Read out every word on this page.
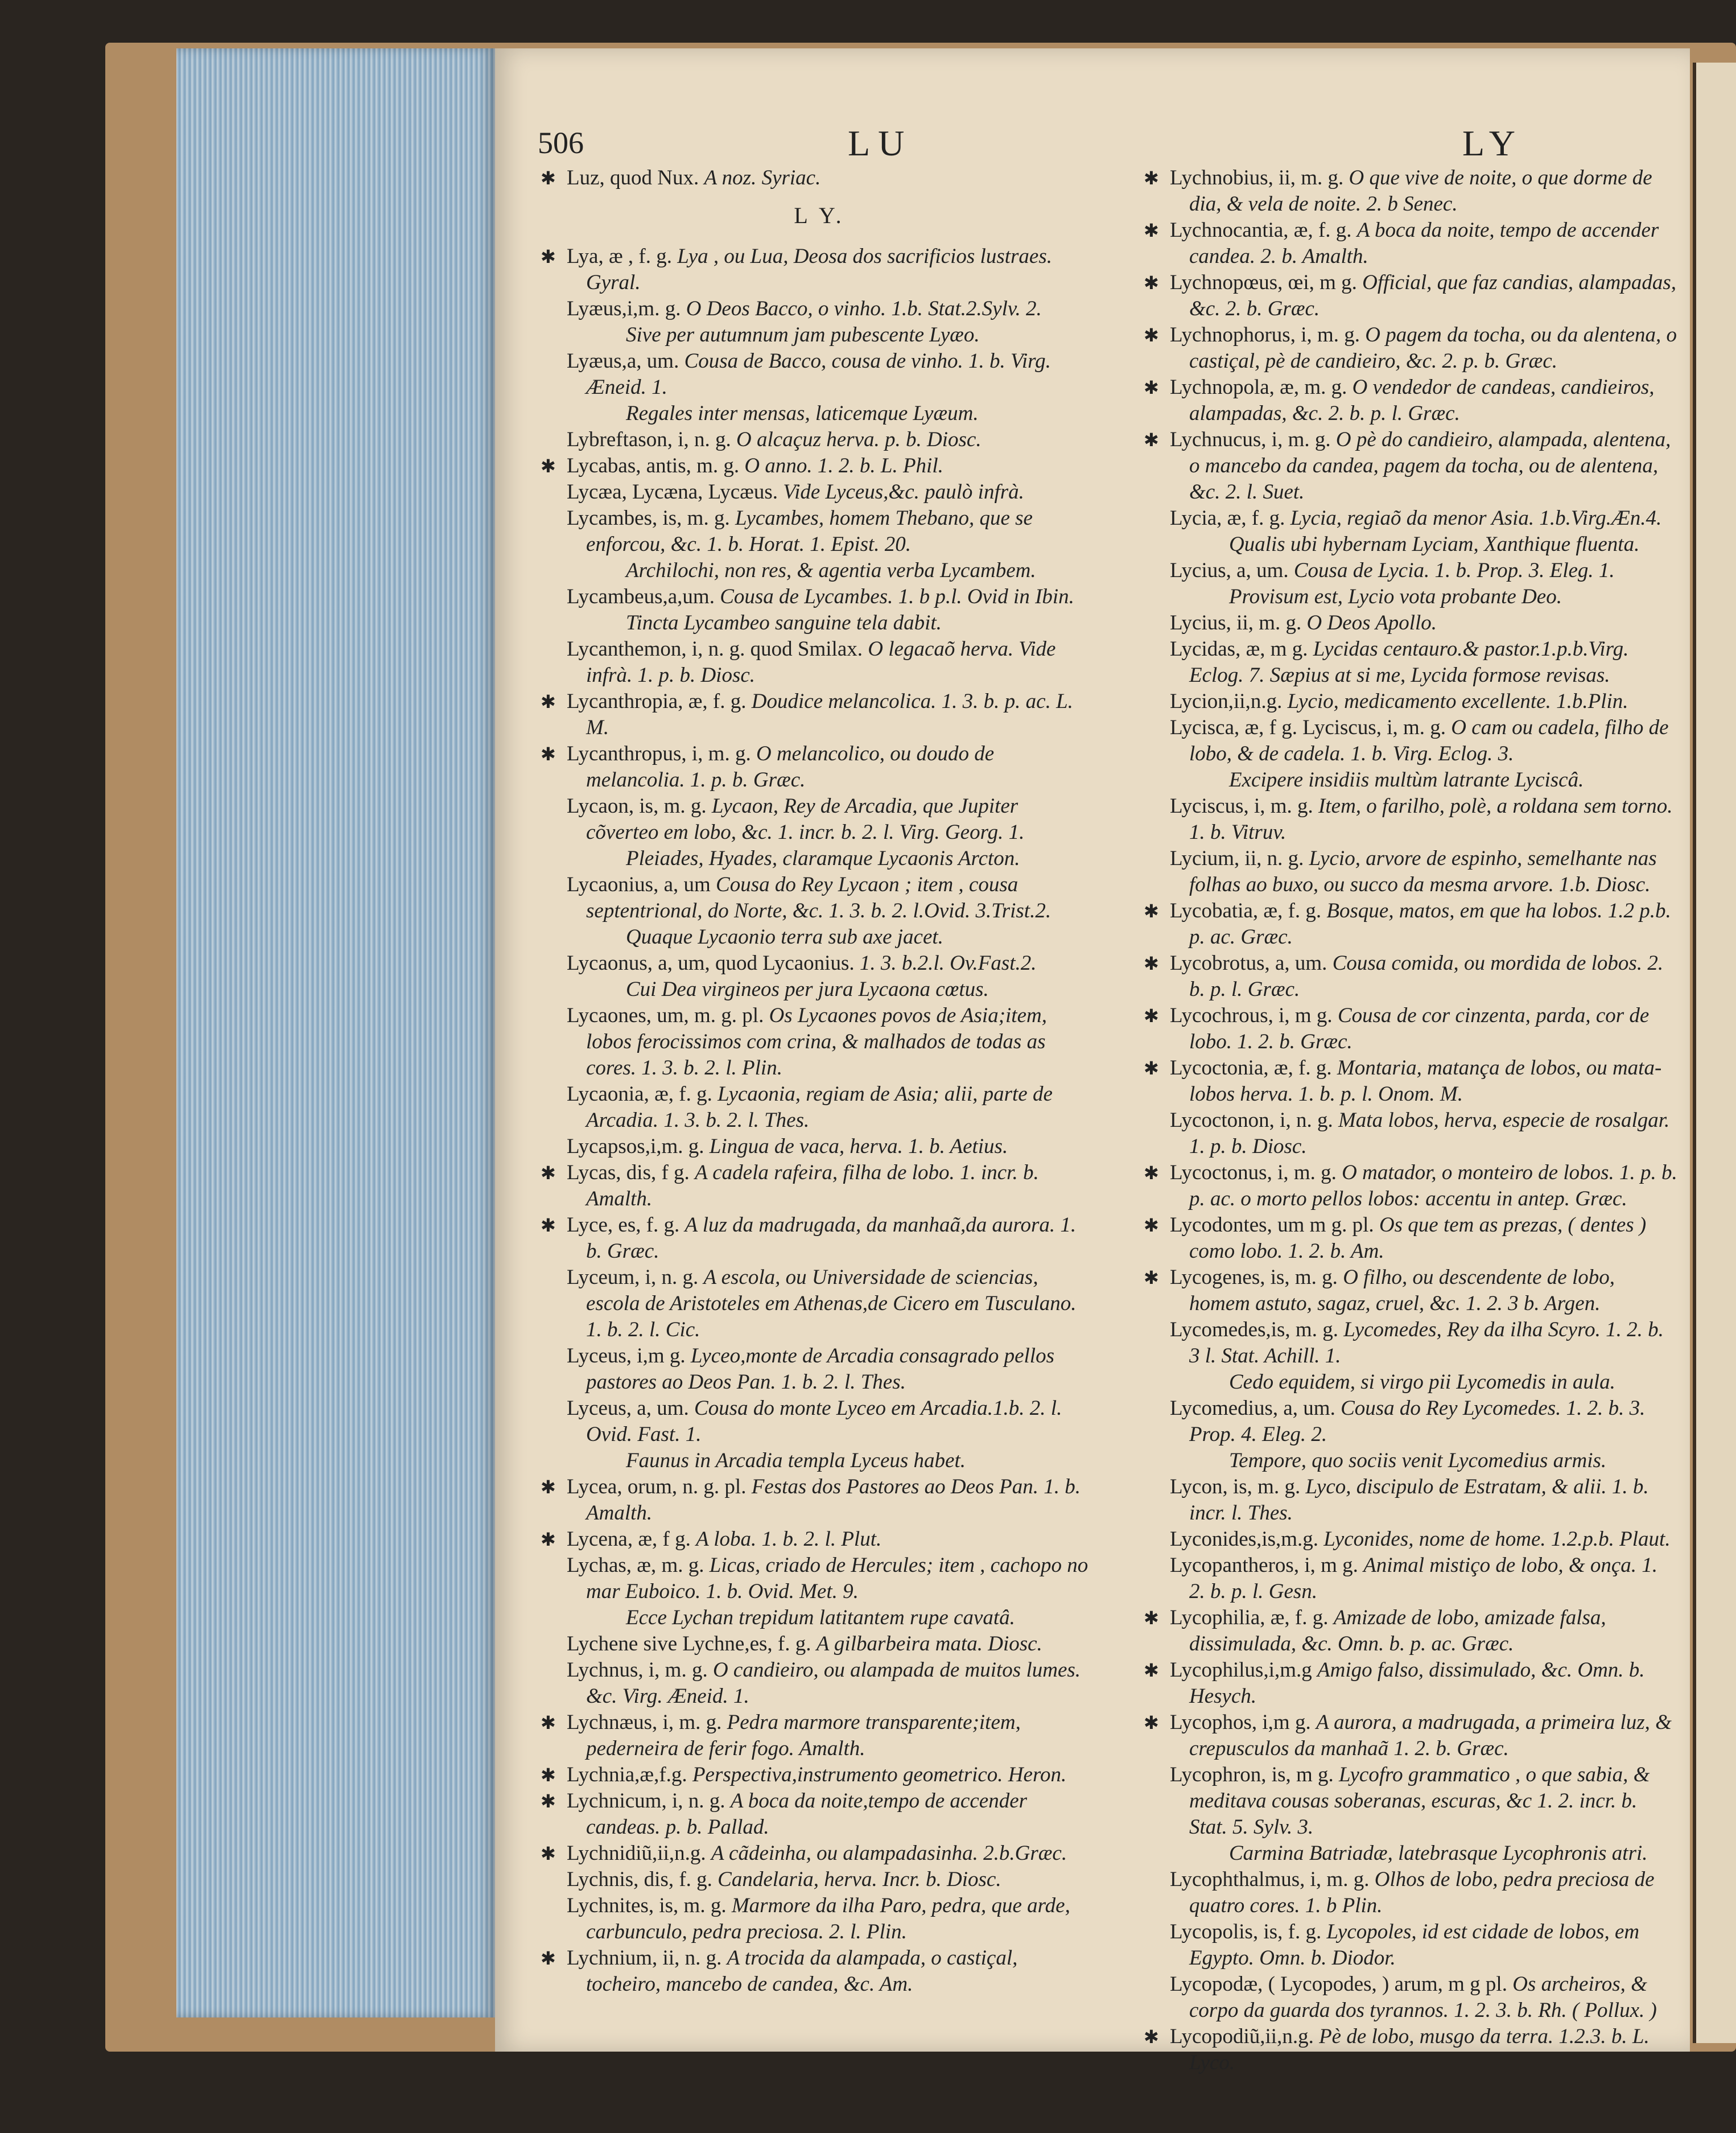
506	LU	LY

✱ Luz, quod Nux. A noz. Syriac.

L Y.

✱ Lya, æ , f. g. Lya , ou Lua, Deosa dos sacrificios lustraes. Gyral.

Lyæus,i,m. g. O Deos Bacco, o vinho. 1.b. Stat.2.Sylv. 2.

Sive per autumnum jam pubescente Lyæo.

Lyæus,a, um. Cousa de Bacco, cousa de vinho. 1. b. Virg. Æneid. 1.

Regales inter mensas, laticemque Lyæum.

Lybreftason, i, n. g. O alcaçuz herva. p. b. Diosc.

✱ Lycabas, antis, m. g. O anno. 1. 2. b. L. Phil.

Lycæa, Lycæna, Lycæus. Vide Lyceus,&c. paulò infrà.

Lycambes, is, m. g. Lycambes, homem Thebano, que se enforcou, &c. 1. b. Horat. 1. Epist. 20.

Archilochi, non res, & agentia verba Lycambem.

Lycambeus,a,um. Cousa de Lycambes. 1. b p.l. Ovid in Ibin.

Tincta Lycambeo sanguine tela dabit.

Lycanthemon, i, n. g. quod Smilax. O legacaõ herva. Vide infrà. 1. p. b. Diosc.

✱ Lycanthropia, æ, f. g. Doudice melancolica. 1. 3. b. p. ac. L. M.

✱ Lycanthropus, i, m. g. O melancolico, ou doudo de melancolia. 1. p. b. Græc.

Lycaon, is, m. g. Lycaon, Rey de Arcadia, que Jupiter cõverteo em lobo, &c. 1. incr. b. 2. l. Virg. Georg. 1.

Pleiades, Hyades, claramque Lycaonis Arcton.

Lycaonius, a, um Cousa do Rey Lycaon ; item , cousa septentrional, do Norte, &c. 1. 3. b. 2. l.Ovid. 3.Trist.2.

Quaque Lycaonio terra sub axe jacet.

Lycaonus, a, um, quod Lycaonius. 1. 3. b.2.l. Ov.Fast.2.

Cui Dea virgineos per jura Lycaona cœtus.

Lycaones, um, m. g. pl. Os Lycaones povos de Asia;item, lobos ferocissimos com crina, & malhados de todas as cores. 1. 3. b. 2. l. Plin.

Lycaonia, æ, f. g. Lycaonia, regiam de Asia; alii, parte de Arcadia. 1. 3. b. 2. l. Thes.

Lycapsos,i,m. g. Lingua de vaca, herva. 1. b. Aetius.

✱ Lycas, dis, f g. A cadela rafeira, filha de lobo. 1. incr. b. Amalth.

✱ Lyce, es, f. g. A luz da madrugada, da manhaã,da aurora. 1. b. Græc.

Lyceum, i, n. g. A escola, ou Universidade de sciencias, escola de Aristoteles em Athenas,de Cicero em Tusculano. 1. b. 2. l. Cic.

Lyceus, i,m g. Lyceo,monte de Arcadia consagrado pellos pastores ao Deos Pan. 1. b. 2. l. Thes.

Lyceus, a, um. Cousa do monte Lyceo em Arcadia.1.b. 2. l. Ovid. Fast. 1.

Faunus in Arcadia templa Lyceus habet.

✱ Lycea, orum, n. g. pl. Festas dos Pastores ao Deos Pan. 1. b. Amalth.

✱ Lycena, æ, f g. A loba. 1. b. 2. l. Plut.

Lychas, æ, m. g. Licas, criado de Hercules; item , cachopo no mar Euboico. 1. b. Ovid. Met. 9.

Ecce Lychan trepidum latitantem rupe cavatâ.

Lychene sive Lychne,es, f. g. A gilbarbeira mata. Diosc.

Lychnus, i, m. g. O candieiro, ou alampada de muitos lumes. &c. Virg. Æneid. 1.

✱ Lychnæus, i, m. g. Pedra marmore transparente;item, pederneira de ferir fogo. Amalth.

✱ Lychnia,æ,f.g. Perspectiva,instrumento geometrico. Heron.

✱ Lychnicum, i, n. g. A boca da noite,tempo de accender candeas. p. b. Pallad.

✱ Lychnidiũ,ii,n.g. A cãdeinha, ou alampadasinha. 2.b.Græc.

Lychnis, dis, f. g. Candelaria, herva. Incr. b. Diosc.

Lychnites, is, m. g. Marmore da ilha Paro, pedra, que arde, carbunculo, pedra preciosa. 2. l. Plin.

✱ Lychnium, ii, n. g. A trocida da alampada, o castiçal, tocheiro, mancebo de candea, &c. Am.

✱ Lychnobius, ii, m. g. O que vive de noite, o que dorme de dia, & vela de noite. 2. b Senec.

✱ Lychnocantia, æ, f. g. A boca da noite, tempo de accender candea. 2. b. Amalth.

✱ Lychnopœus, œi, m g. Official, que faz candias, alampadas, &c. 2. b. Græc.

✱ Lychnophorus, i, m. g. O pagem da tocha, ou da alentena, o castiçal, pè de candieiro, &c. 2. p. b. Græc.

✱ Lychnopola, æ, m. g. O vendedor de candeas, candieiros, alampadas, &c. 2. b. p. l. Græc.

✱ Lychnucus, i, m. g. O pè do candieiro, alampada, alentena, o mancebo da candea, pagem da tocha, ou de alentena, &c. 2. l. Suet.

Lycia, æ, f. g. Lycia, regiaõ da menor Asia. 1.b.Virg.Æn.4.

Qualis ubi hybernam Lyciam, Xanthique fluenta.

Lycius, a, um. Cousa de Lycia. 1. b. Prop. 3. Eleg. 1.

Provisum est, Lycio vota probante Deo.

Lycius, ii, m. g. O Deos Apollo.

Lycidas, æ, m g. Lycidas centauro.& pastor.1.p.b.Virg. Eclog. 7. Sæpius at si me, Lycida formose revisas.

Lycion,ii,n.g. Lycio, medicamento excellente. 1.b.Plin.

Lycisca, æ, f g. Lyciscus, i, m. g. O cam ou cadela, filho de lobo, & de cadela. 1. b. Virg. Eclog. 3.

Excipere insidiis multùm latrante Lyciscâ.

Lyciscus, i, m. g. Item, o farilho, polè, a roldana sem torno. 1. b. Vitruv.

Lycium, ii, n. g. Lycio, arvore de espinho, semelhante nas folhas ao buxo, ou succo da mesma arvore. 1.b. Diosc.

✱ Lycobatia, æ, f. g. Bosque, matos, em que ha lobos. 1.2 p.b. p. ac. Græc.

✱ Lycobrotus, a, um. Cousa comida, ou mordida de lobos. 2. b. p. l. Græc.

✱ Lycochrous, i, m g. Cousa de cor cinzenta, parda, cor de lobo. 1. 2. b. Græc.

✱ Lycoctonia, æ, f. g. Montaria, matança de lobos, ou mata-lobos herva. 1. b. p. l. Onom. M.

Lycoctonon, i, n. g. Mata lobos, herva, especie de rosalgar. 1. p. b. Diosc.

✱ Lycoctonus, i, m. g. O matador, o monteiro de lobos. 1. p. b. p. ac. o morto pellos lobos: accentu in antep. Græc.

✱ Lycodontes, um m g. pl. Os que tem as prezas, ( dentes ) como lobo. 1. 2. b. Am.

✱ Lycogenes, is, m. g. O filho, ou descendente de lobo, homem astuto, sagaz, cruel, &c. 1. 2. 3 b. Argen.

Lycomedes,is, m. g. Lycomedes, Rey da ilha Scyro. 1. 2. b. 3 l. Stat. Achill. 1.

Cedo equidem, si virgo pii Lycomedis in aula.

Lycomedius, a, um. Cousa do Rey Lycomedes. 1. 2. b. 3. Prop. 4. Eleg. 2.

Tempore, quo sociis venit Lycomedius armis.

Lycon, is, m. g. Lyco, discipulo de Estratam, & alii. 1. b. incr. l. Thes.

Lyconides,is,m.g. Lyconides, nome de home. 1.2.p.b. Plaut.

Lycopantheros, i, m g. Animal mistiço de lobo, & onça. 1. 2. b. p. l. Gesn.

✱ Lycophilia, æ, f. g. Amizade de lobo, amizade falsa, dissimulada, &c. Omn. b. p. ac. Græc.

✱ Lycophilus,i,m.g Amigo falso, dissimulado, &c. Omn. b. Hesych.

✱ Lycophos, i,m g. A aurora, a madrugada, a primeira luz, & crepusculos da manhaã 1. 2. b. Græc.

Lycophron, is, m g. Lycofro grammatico , o que sabia, & meditava cousas soberanas, escuras, &c 1. 2. incr. b. Stat. 5. Sylv. 3.

Carmina Batriadæ, latebrasque Lycophronis atri.

Lycophthalmus, i, m. g. Olhos de lobo, pedra preciosa de quatro cores. 1. b Plin.

Lycopolis, is, f. g. Lycopoles, id est cidade de lobos, em Egypto. Omn. b. Diodor.

Lycopodæ, ( Lycopodes, ) arum, m g pl. Os archeiros, & corpo da guarda dos tyrannos. 1. 2. 3. b. Rh. ( Pollux. )

✱ Lycopodiũ,ii,n.g. Pè de lobo, musgo da terra. 1.2.3. b. L. Lyco.
